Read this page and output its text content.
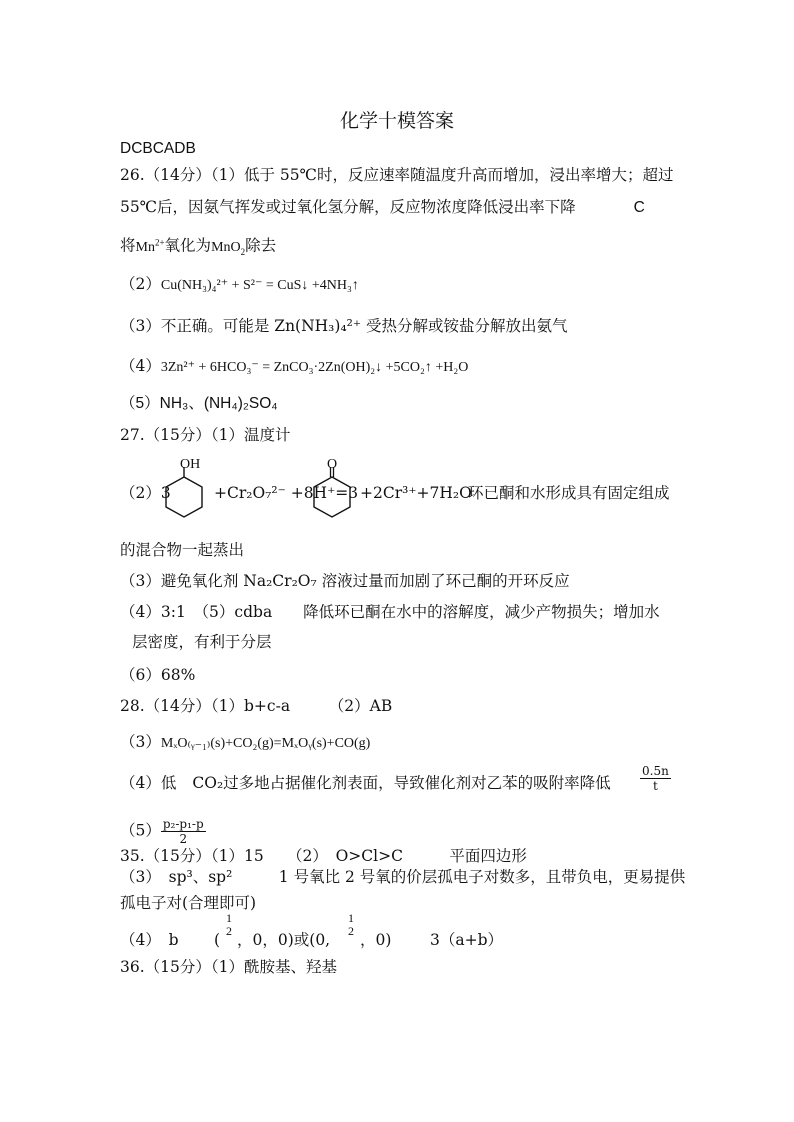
化学十模答案
DCBCADB
26.（14分）（1）低于 55℃时，反应速率随温度升高而增加，浸出率增大；超过
55℃后，因氨气挥发或过氧化氢分解，反应物浓度降低浸出率下降	C
将$Mn^{2+}$氧化为MnO$_2$除去
（2）Cu(NH₃)₄²⁺ + S²⁻ = CuS↓ +4NH₃↑
（3）不正确。可能是 Zn(NH₃)₄²⁺ 受热分解或铵盐分解放出氨气
（4）3Zn²⁺ + 6HCO₃⁻ = ZnCO₃·2Zn(OH)₂↓ +5CO₂↑ +H₂O
（5）NH₃、(NH₄)₂SO₄
27.（15分）（1）温度计
（2）3
OH
+Cr₂O₇²⁻ +8H⁺=3
O
+2Cr³⁺+7H₂O
环已酮和水形成具有固定组成
的混合物一起蒸出
（3）避免氧化剂 Na₂Cr₂O₇ 溶液过量而加剧了环己酮的开环反应
（4）3:1　（5）cdba　　降低环已酮在水中的溶解度，减少产物损失；增加水
层密度，有利于分层
（6）68%
28.（14分）（1）b+c-a　　　（2）AB
（3）MₓO₍ᵧ₋₁₎(s)+CO₂(g)=MₓOᵧ(s)+CO(g)
（4）低 CO₂过多地占据催化剂表面，导致催化剂对乙苯的吸附率降低 $\frac{0.5n}{t}$
$(5) \frac{\text{p₂-p₁-p}}{2}$
35.（15分）（1）15　　（2）　O>Cl>C　　　平面四边形
（3）　sp³、sp²　　　1 号氧比 2 号氧的价层孤电子对数多，且带负电，更易提供
孤电子对(合理即可)
（4）　b (
1
2 ，0，0)或(0,
1
2 ，0) 3（a+b）
36.（15分）（1）酰胺基、羟基
